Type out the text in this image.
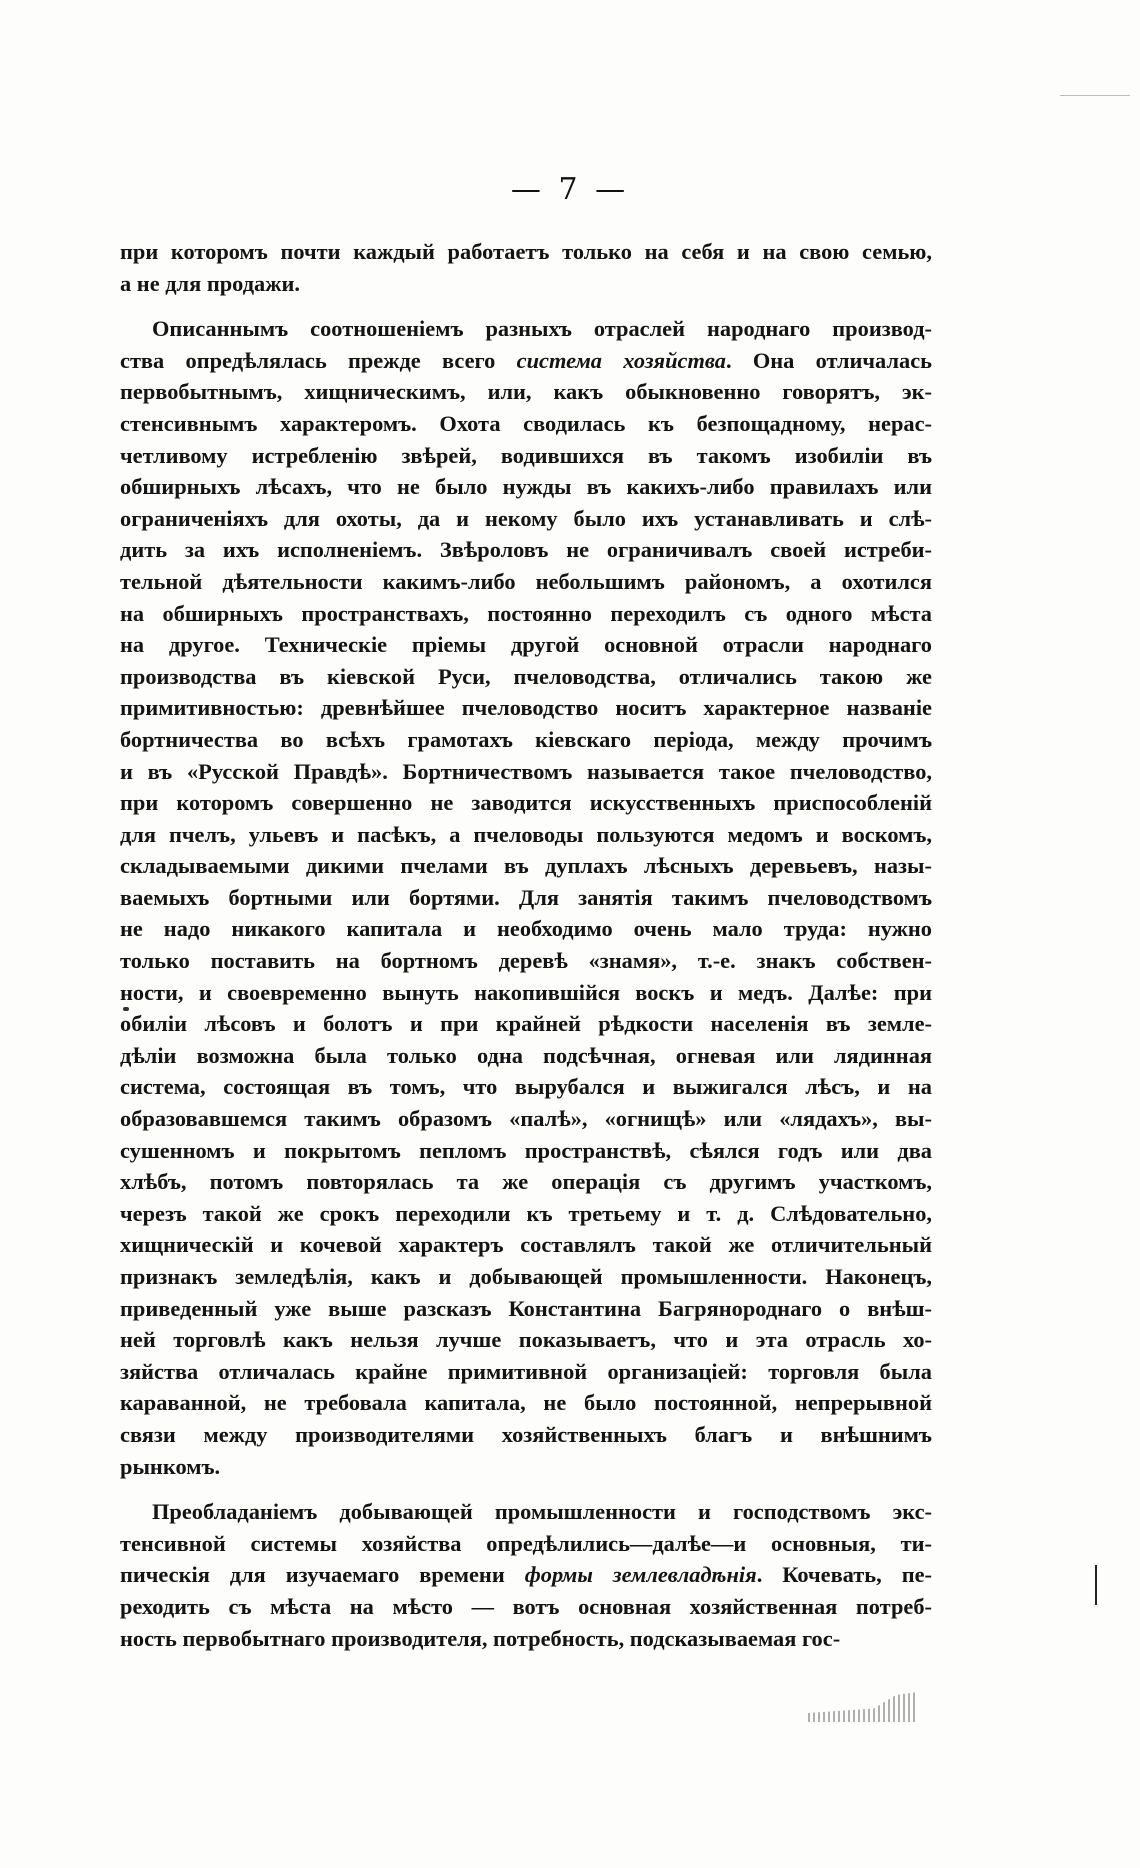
— 7 —
при которомъ почти каждый работаетъ только на себя и на свою семью,
а не для продажи.
Описаннымъ соотношеніемъ разныхъ отраслей народнаго производ-
ства опредѣлялась прежде всего система хозяйства. Она отличалась
первобытнымъ, хищническимъ, или, какъ обыкновенно говорятъ, эк-
стенсивнымъ характеромъ. Охота сводилась къ безпощадному, нерас-
четливому истребленію звѣрей, водившихся въ такомъ изобиліи въ
обширныхъ лѣсахъ, что не было нужды въ какихъ-либо правилахъ или
ограниченіяхъ для охоты, да и некому было ихъ устанавливать и слѣ-
дить за ихъ исполненіемъ. Звѣроловъ не ограничивалъ своей истреби-
тельной дѣятельности какимъ-либо небольшимъ райономъ, а охотился
на обширныхъ пространствахъ, постоянно переходилъ съ одного мѣста
на другое. Техническіе пріемы другой основной отрасли народнаго
производства въ кіевской Руси, пчеловодства, отличались такою же
примитивностью: древнѣйшее пчеловодство носитъ характерное названіе
бортничества во всѣхъ грамотахъ кіевскаго періода, между прочимъ
и въ «Русской Правдѣ». Бортничествомъ называется такое пчеловодство,
при которомъ совершенно не заводится искусственныхъ приспособленій
для пчелъ, ульевъ и пасѣкъ, а пчеловоды пользуются медомъ и воскомъ,
складываемыми дикими пчелами въ дуплахъ лѣсныхъ деревьевъ, назы-
ваемыхъ бортными или бортями. Для занятія такимъ пчеловодствомъ
не надо никакого капитала и необходимо очень мало труда: нужно
только поставить на бортномъ деревѣ «знамя», т.-е. знакъ собствен-
ности, и своевременно вынуть накопившійся воскъ и медъ. Далѣе: при
обиліи лѣсовъ и болотъ и при крайней рѣдкости населенія въ земле-
дѣліи возможна была только одна подсѣчная, огневая или лядинная
система, состоящая въ томъ, что вырубался и выжигался лѣсъ, и на
образовавшемся такимъ образомъ «палѣ», «огнищѣ» или «лядахъ», вы-
сушенномъ и покрытомъ пепломъ пространствѣ, сѣялся годъ или два
хлѣбъ, потомъ повторялась та же операція съ другимъ участкомъ,
черезъ такой же срокъ переходили къ третьему и т. д. Слѣдовательно,
хищническій и кочевой характеръ составлялъ такой же отличительный
признакъ земледѣлія, какъ и добывающей промышленности. Наконецъ,
приведенный уже выше разсказъ Константина Багрянороднаго о внѣш-
ней торговлѣ какъ нельзя лучше показываетъ, что и эта отрасль хо-
зяйства отличалась крайне примитивной организаціей: торговля была
караванной, не требовала капитала, не было постоянной, непрерывной
связи между производителями хозяйственныхъ благъ и внѣшнимъ
рынкомъ.
Преобладаніемъ добывающей промышленности и господствомъ экс-
тенсивной системы хозяйства опредѣлились—далѣе—и основныя, ти-
пическія для изучаемаго времени формы землевладѣнія. Кочевать, пе-
реходить съ мѣста на мѣсто — вотъ основная хозяйственная потреб-
ность первобытнаго производителя, потребность, подсказываемая гос-
